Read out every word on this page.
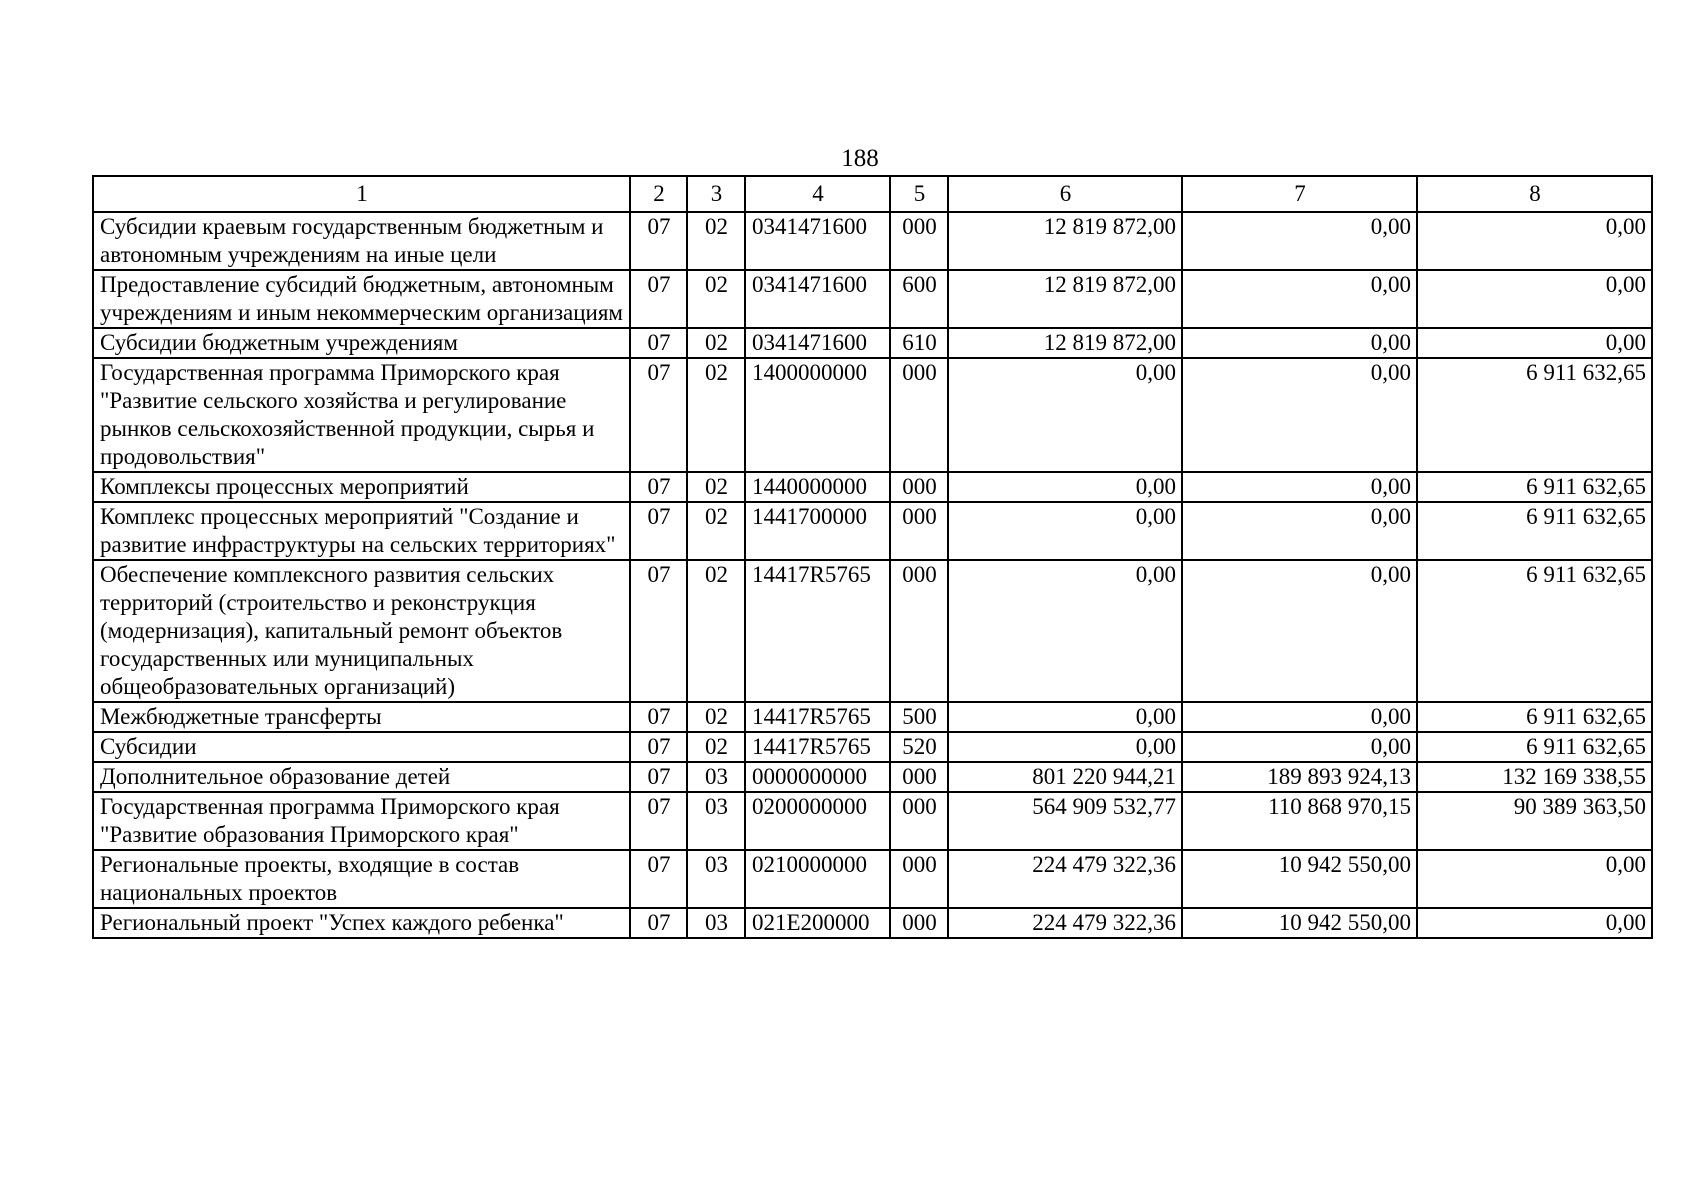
188
1	2	3	4	5	6	7	8
Субсидии краевым государственным бюджетным и автономным учреждениям на иные цели	07	02	0341471600	000	12 819 872,00	0,00	0,00
Предоставление субсидий бюджетным, автономным учреждениям и иным некоммерческим организациям	07	02	0341471600	600	12 819 872,00	0,00	0,00
Субсидии бюджетным учреждениям	07	02	0341471600	610	12 819 872,00	0,00	0,00
Государственная программа Приморского края "Развитие сельского хозяйства и регулирование рынков сельскохозяйственной продукции, сырья и продовольствия"	07	02	1400000000	000	0,00	0,00	6 911 632,65
Комплексы процессных мероприятий	07	02	1440000000	000	0,00	0,00	6 911 632,65
Комплекс процессных мероприятий "Создание и развитие инфраструктуры на сельских территориях"	07	02	1441700000	000	0,00	0,00	6 911 632,65
Обеспечение комплексного развития сельских территорий (строительство и реконструкция (модернизация), капитальный ремонт объектов государственных или муниципальных общеобразовательных организаций)	07	02	14417R5765	000	0,00	0,00	6 911 632,65
Межбюджетные трансферты	07	02	14417R5765	500	0,00	0,00	6 911 632,65
Субсидии	07	02	14417R5765	520	0,00	0,00	6 911 632,65
Дополнительное образование детей	07	03	0000000000	000	801 220 944,21	189 893 924,13	132 169 338,55
Государственная программа Приморского края "Развитие образования Приморского края"	07	03	0200000000	000	564 909 532,77	110 868 970,15	90 389 363,50
Региональные проекты, входящие в состав национальных проектов	07	03	0210000000	000	224 479 322,36	10 942 550,00	0,00
Региональный проект "Успех каждого ребенка"	07	03	021E200000	000	224 479 322,36	10 942 550,00	0,00
